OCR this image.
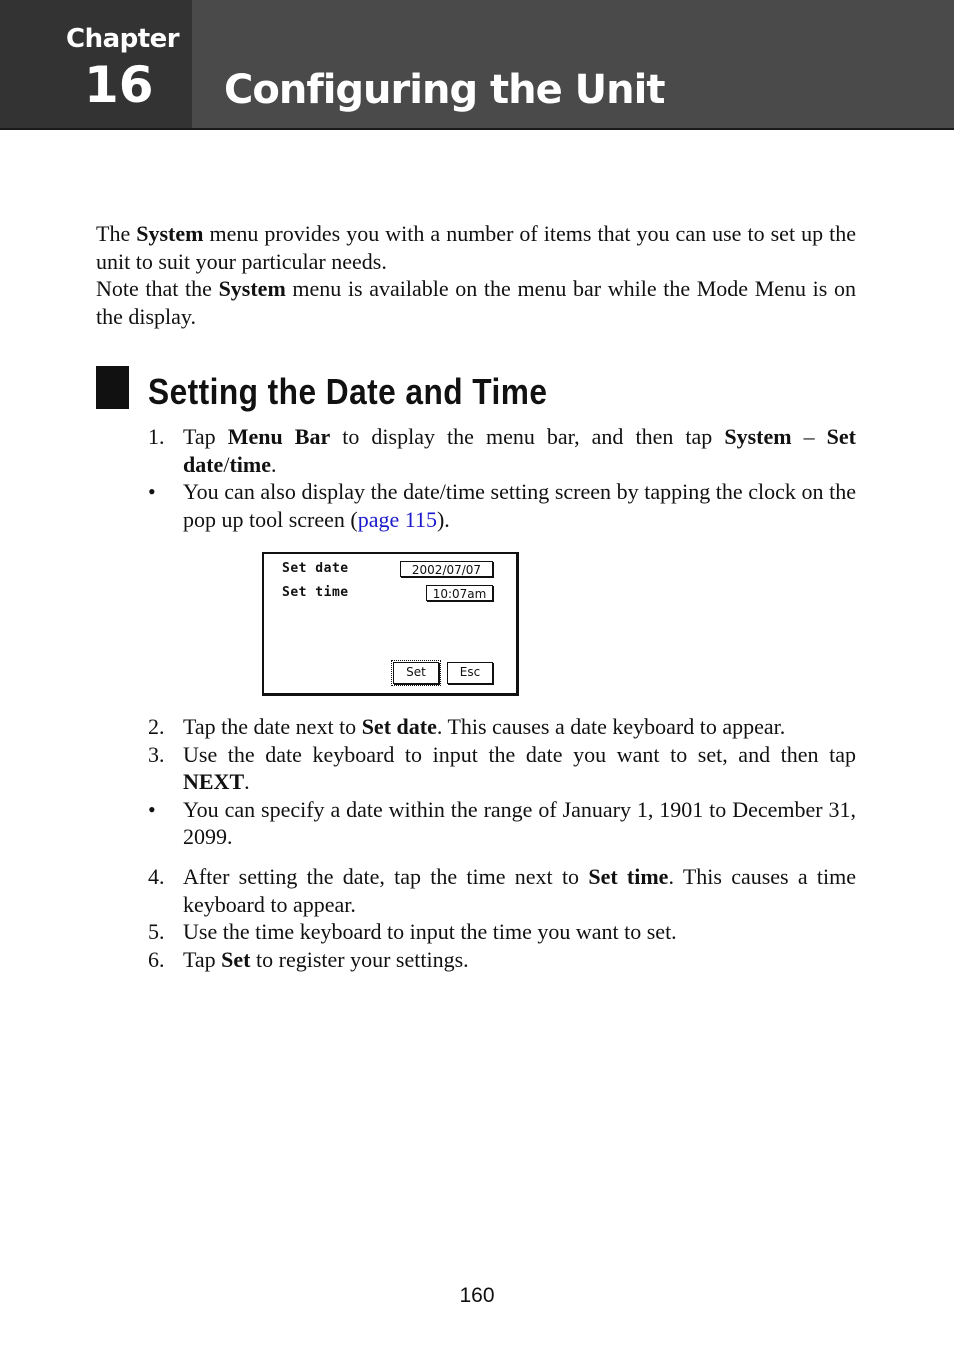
Chapter
16 Configuring the Unit

The System menu provides you with a number of items that you can use to set up the unit to suit your particular needs.

Note that the System menu is available on the menu bar while the Mode Menu is on the display.

Setting the Date and Time
1. Tap Menu Bar to display the menu bar, and then tap System – Set date/time.
• You can also display the date/time setting screen by tapping the clock on the pop up tool screen (page 115).
Set date
Set time
2002/07/07
10:07am
Set	Esc
2. Tap the date next to Set date. This causes a date keyboard to appear.
3. Use the date keyboard to input the date you want to set, and then tap NEXT.
• You can specify a date within the range of January 1, 1901 to December 31, 2099.
4. After setting the date, tap the time next to Set time. This causes a time keyboard to appear.
5. Use the time keyboard to input the time you want to set.
6. Tap Set to register your settings.
160
